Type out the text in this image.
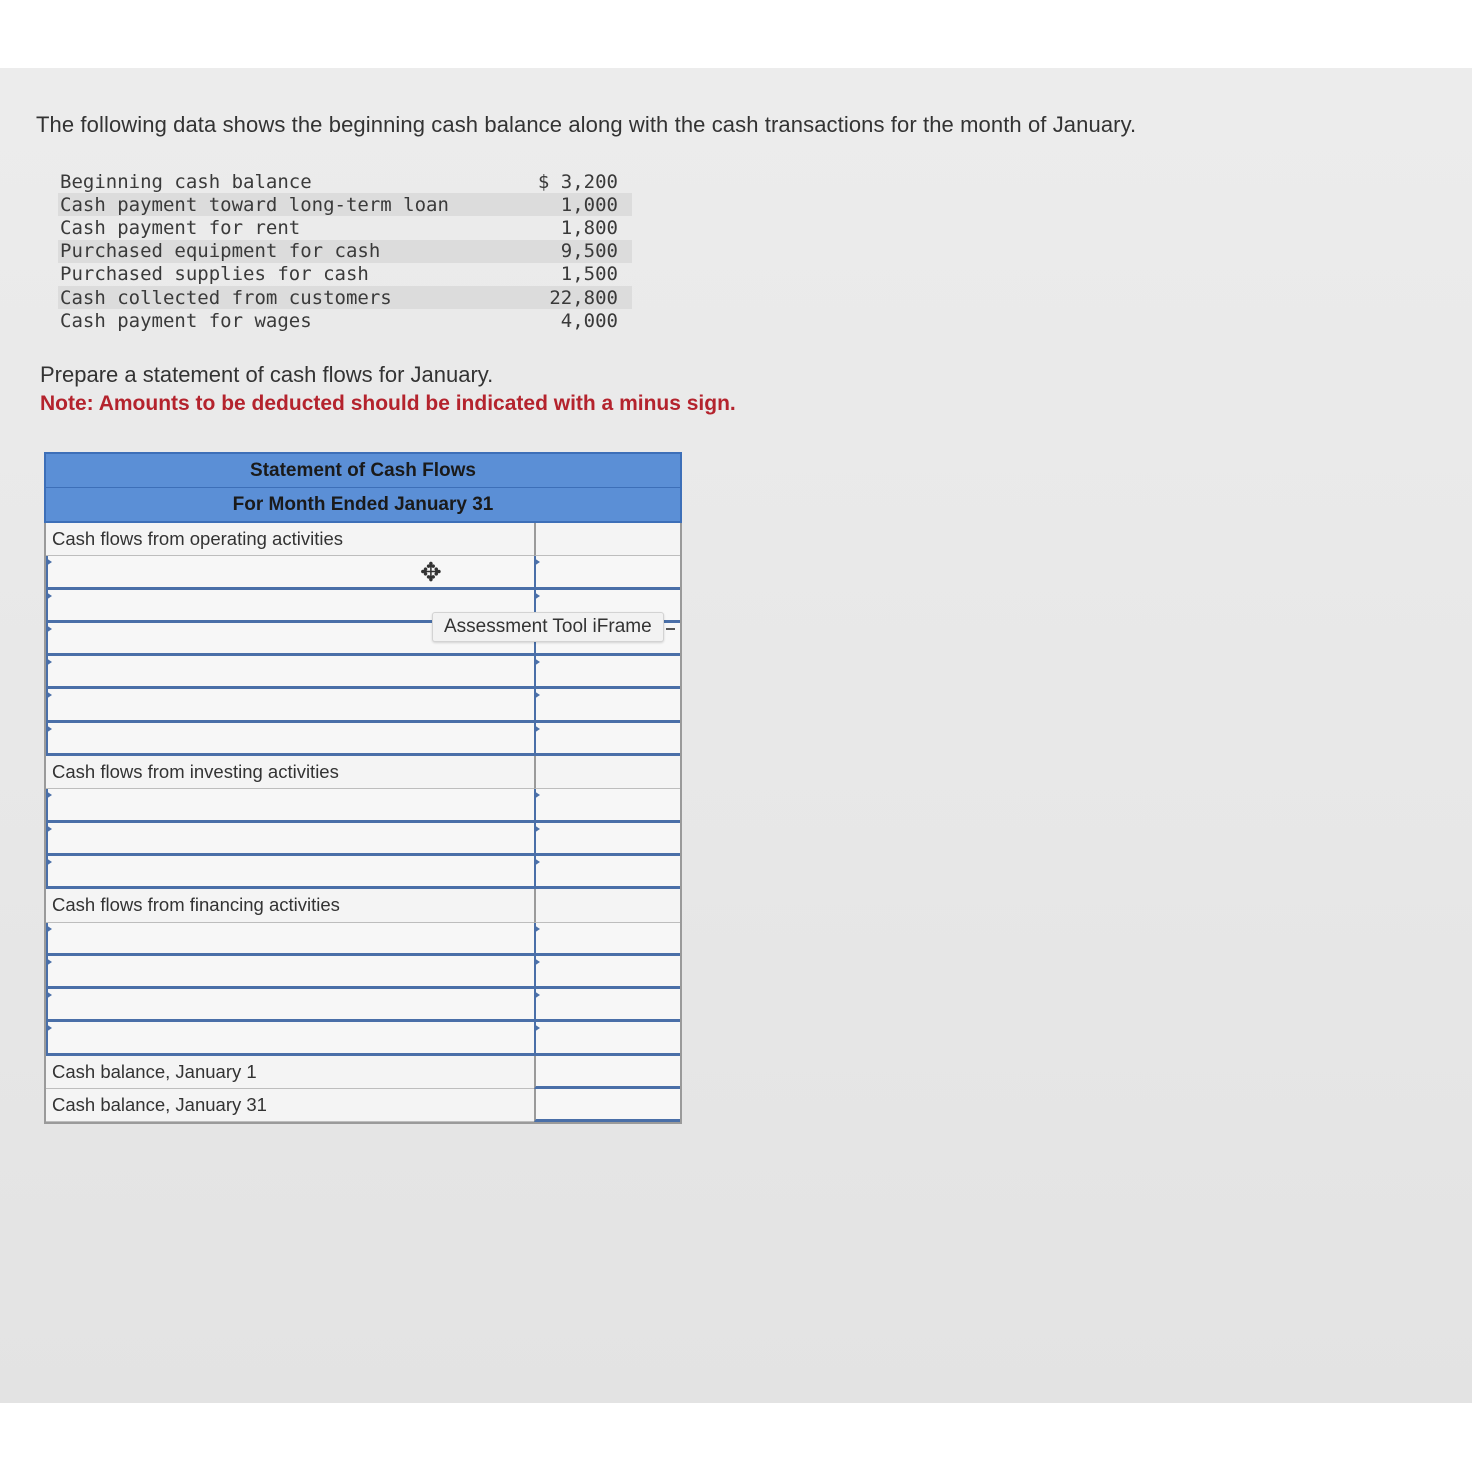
The following data shows the beginning cash balance along with the cash transactions for the month of January.
Beginning cash balance	$ 3,200
Cash payment toward long-term loan	1,000
Cash payment for rent	1,800
Purchased equipment for cash	9,500
Purchased supplies for cash	1,500
Cash collected from customers	22,800
Cash payment for wages	4,000
Prepare a statement of cash flows for January.
Note: Amounts to be deducted should be indicated with a minus sign.
Statement of Cash Flows
For Month Ended January 31
Cash flows from operating activities
✥
Cash flows from investing activities
Cash flows from financing activities
Cash balance, January 1
Cash balance, January 31
Assessment Tool iFrame
